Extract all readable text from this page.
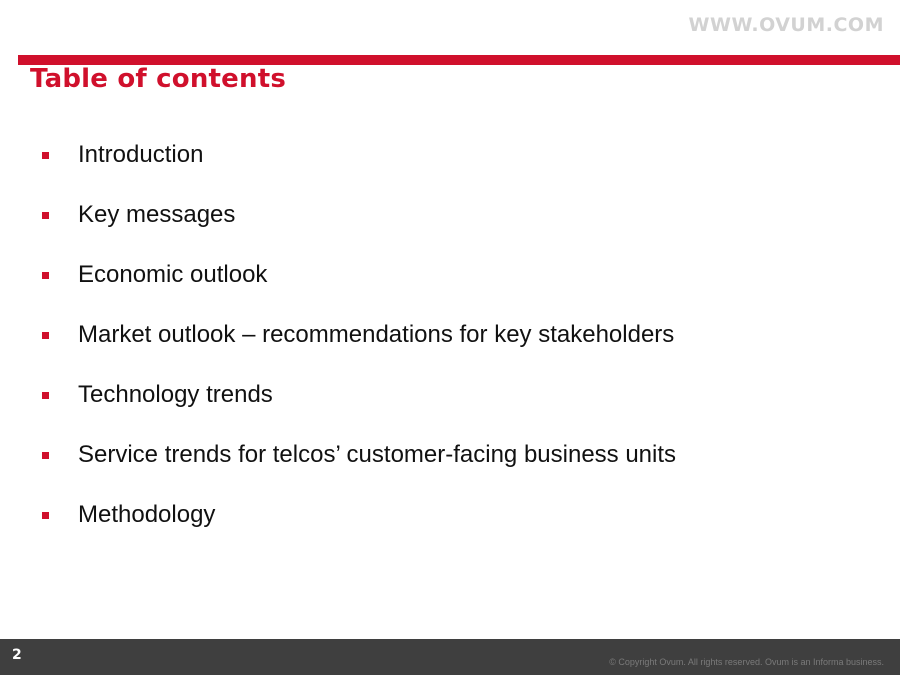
WWW.OVUM.COM
Table of contents
Introduction
Key messages
Economic outlook
Market outlook – recommendations for key stakeholders
Technology trends
Service trends for telcos’ customer-facing business units
Methodology
2	© Copyright Ovum. All rights reserved. Ovum is an Informa business.
